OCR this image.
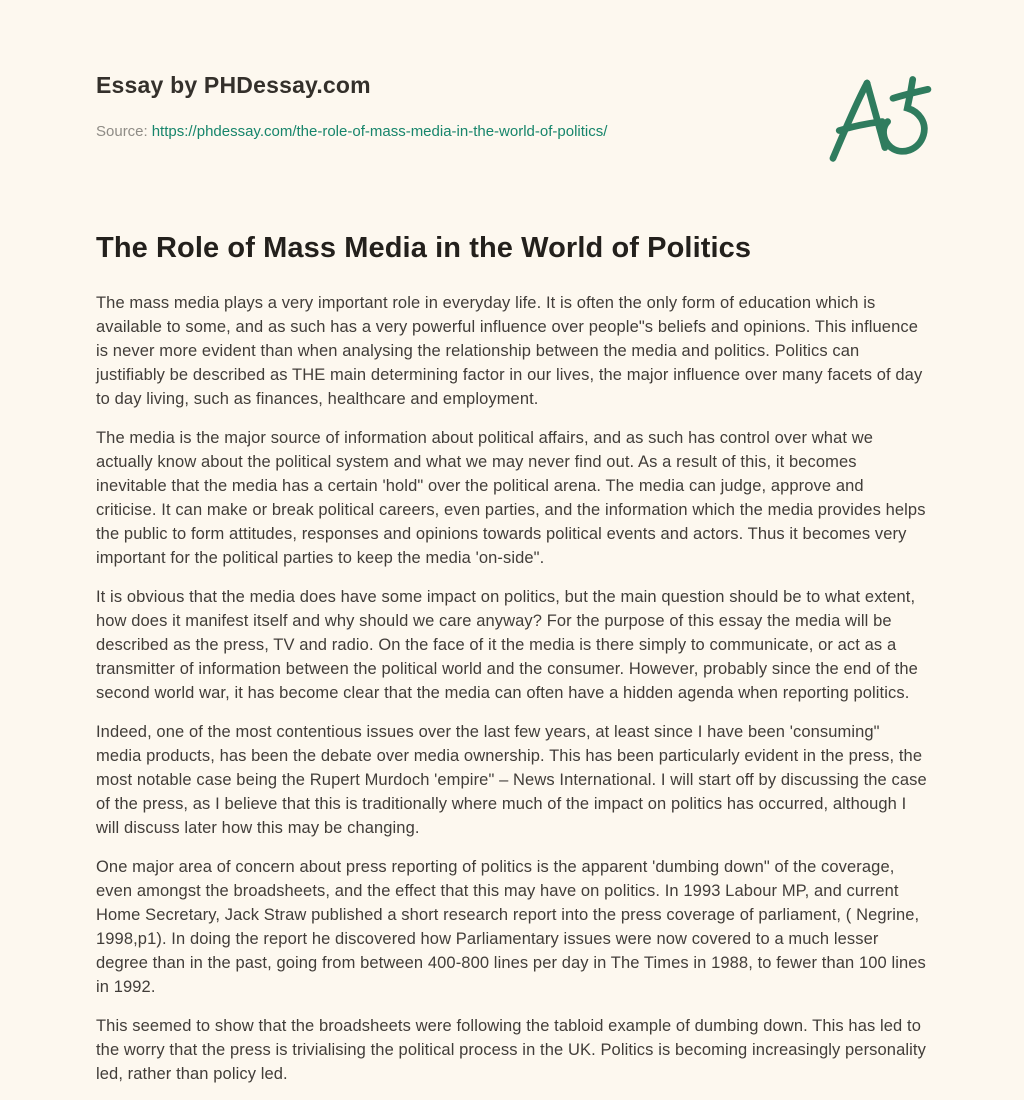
Essay by PHDessay.com
Source: https://phdessay.com/the-role-of-mass-media-in-the-world-of-politics/
The Role of Mass Media in the World of Politics

The mass media plays a very important role in everyday life. It is often the only form of education which is available to some, and as such has a very powerful influence over people"s beliefs and opinions. This influence is never more evident than when analysing the relationship between the media and politics. Politics can justifiably be described as THE main determining factor in our lives, the major influence over many facets of day to day living, such as finances, healthcare and employment.

The media is the major source of information about political affairs, and as such has control over what we actually know about the political system and what we may never find out. As a result of this, it becomes inevitable that the media has a certain 'hold" over the political arena. The media can judge, approve and criticise. It can make or break political careers, even parties, and the information which the media provides helps the public to form attitudes, responses and opinions towards political events and actors. Thus it becomes very important for the political parties to keep the media 'on-side".

It is obvious that the media does have some impact on politics, but the main question should be to what extent, how does it manifest itself and why should we care anyway? For the purpose of this essay the media will be described as the press, TV and radio. On the face of it the media is there simply to communicate, or act as a transmitter of information between the political world and the consumer. However, probably since the end of the second world war, it has become clear that the media can often have a hidden agenda when reporting politics.

Indeed, one of the most contentious issues over the last few years, at least since I have been 'consuming" media products, has been the debate over media ownership. This has been particularly evident in the press, the most notable case being the Rupert Murdoch 'empire" – News International. I will start off by discussing the case of the press, as I believe that this is traditionally where much of the impact on politics has occurred, although I will discuss later how this may be changing.

One major area of concern about press reporting of politics is the apparent 'dumbing down" of the coverage, even amongst the broadsheets, and the effect that this may have on politics. In 1993 Labour MP, and current Home Secretary, Jack Straw published a short research report into the press coverage of parliament, ( Negrine, 1998,p1). In doing the report he discovered how Parliamentary issues were now covered to a much lesser degree than in the past, going from between 400-800 lines per day in The Times in 1988, to fewer than 100 lines in 1992.

This seemed to show that the broadsheets were following the tabloid example of dumbing down. This has led to the worry that the press is trivialising the political process in the UK. Politics is becoming increasingly personality led, rather than policy led.
